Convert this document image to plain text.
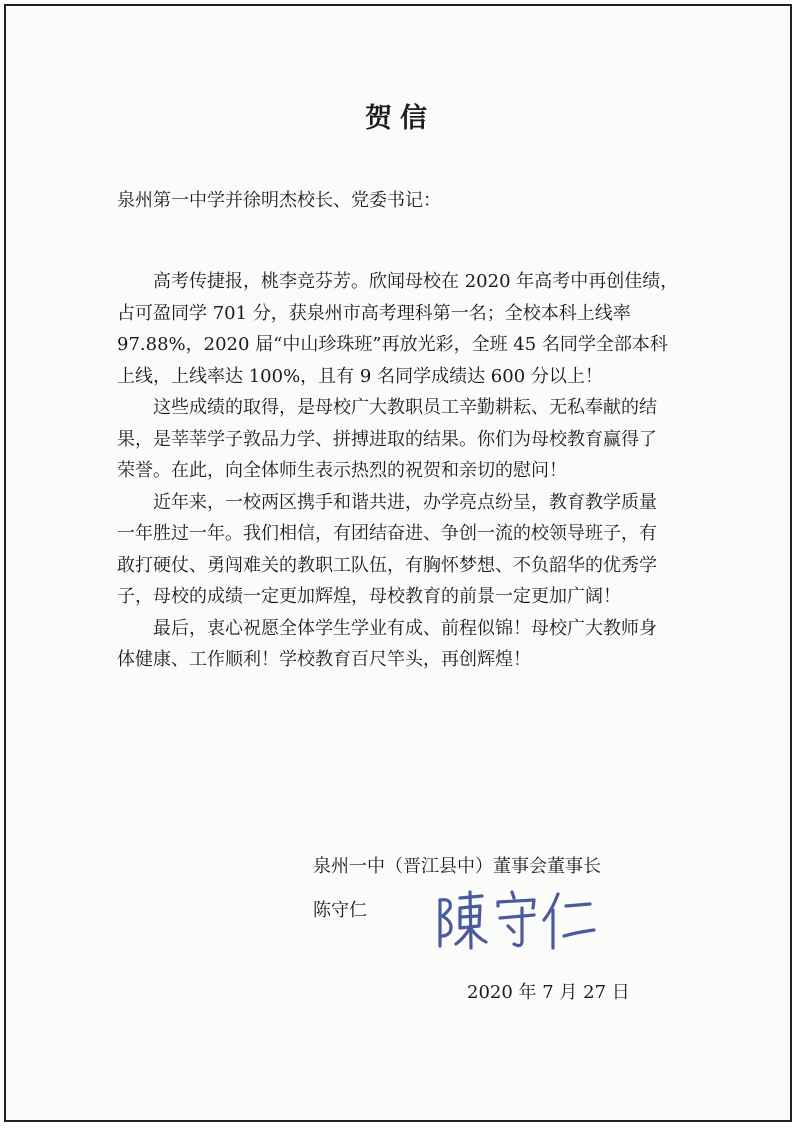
贺信

泉州第一中学并徐明杰校长、党委书记：

高考传捷报，桃李竞芬芳。欣闻母校在 2020 年高考中再创佳绩，
占可盈同学 701 分，获泉州市高考理科第一名；全校本科上线率
97.88%，2020 届“中山珍珠班”再放光彩，全班 45 名同学全部本科
上线，上线率达 100%，且有 9 名同学成绩达 600 分以上！

这些成绩的取得，是母校广大教职员工辛勤耕耘、无私奉献的结
果，是莘莘学子敦品力学、拼搏进取的结果。你们为母校教育赢得了
荣誉。在此，向全体师生表示热烈的祝贺和亲切的慰问！

近年来，一校两区携手和谐共进，办学亮点纷呈，教育教学质量
一年胜过一年。我们相信，有团结奋进、争创一流的校领导班子，有
敢打硬仗、勇闯难关的教职工队伍，有胸怀梦想、不负韶华的优秀学
子，母校的成绩一定更加辉煌，母校教育的前景一定更加广阔！

最后，衷心祝愿全体学生学业有成、前程似锦！母校广大教师身
体健康、工作顺利！学校教育百尺竿头，再创辉煌！

泉州一中（晋江县中）董事会董事长

陈守仁

2020 年 7 月 27 日
